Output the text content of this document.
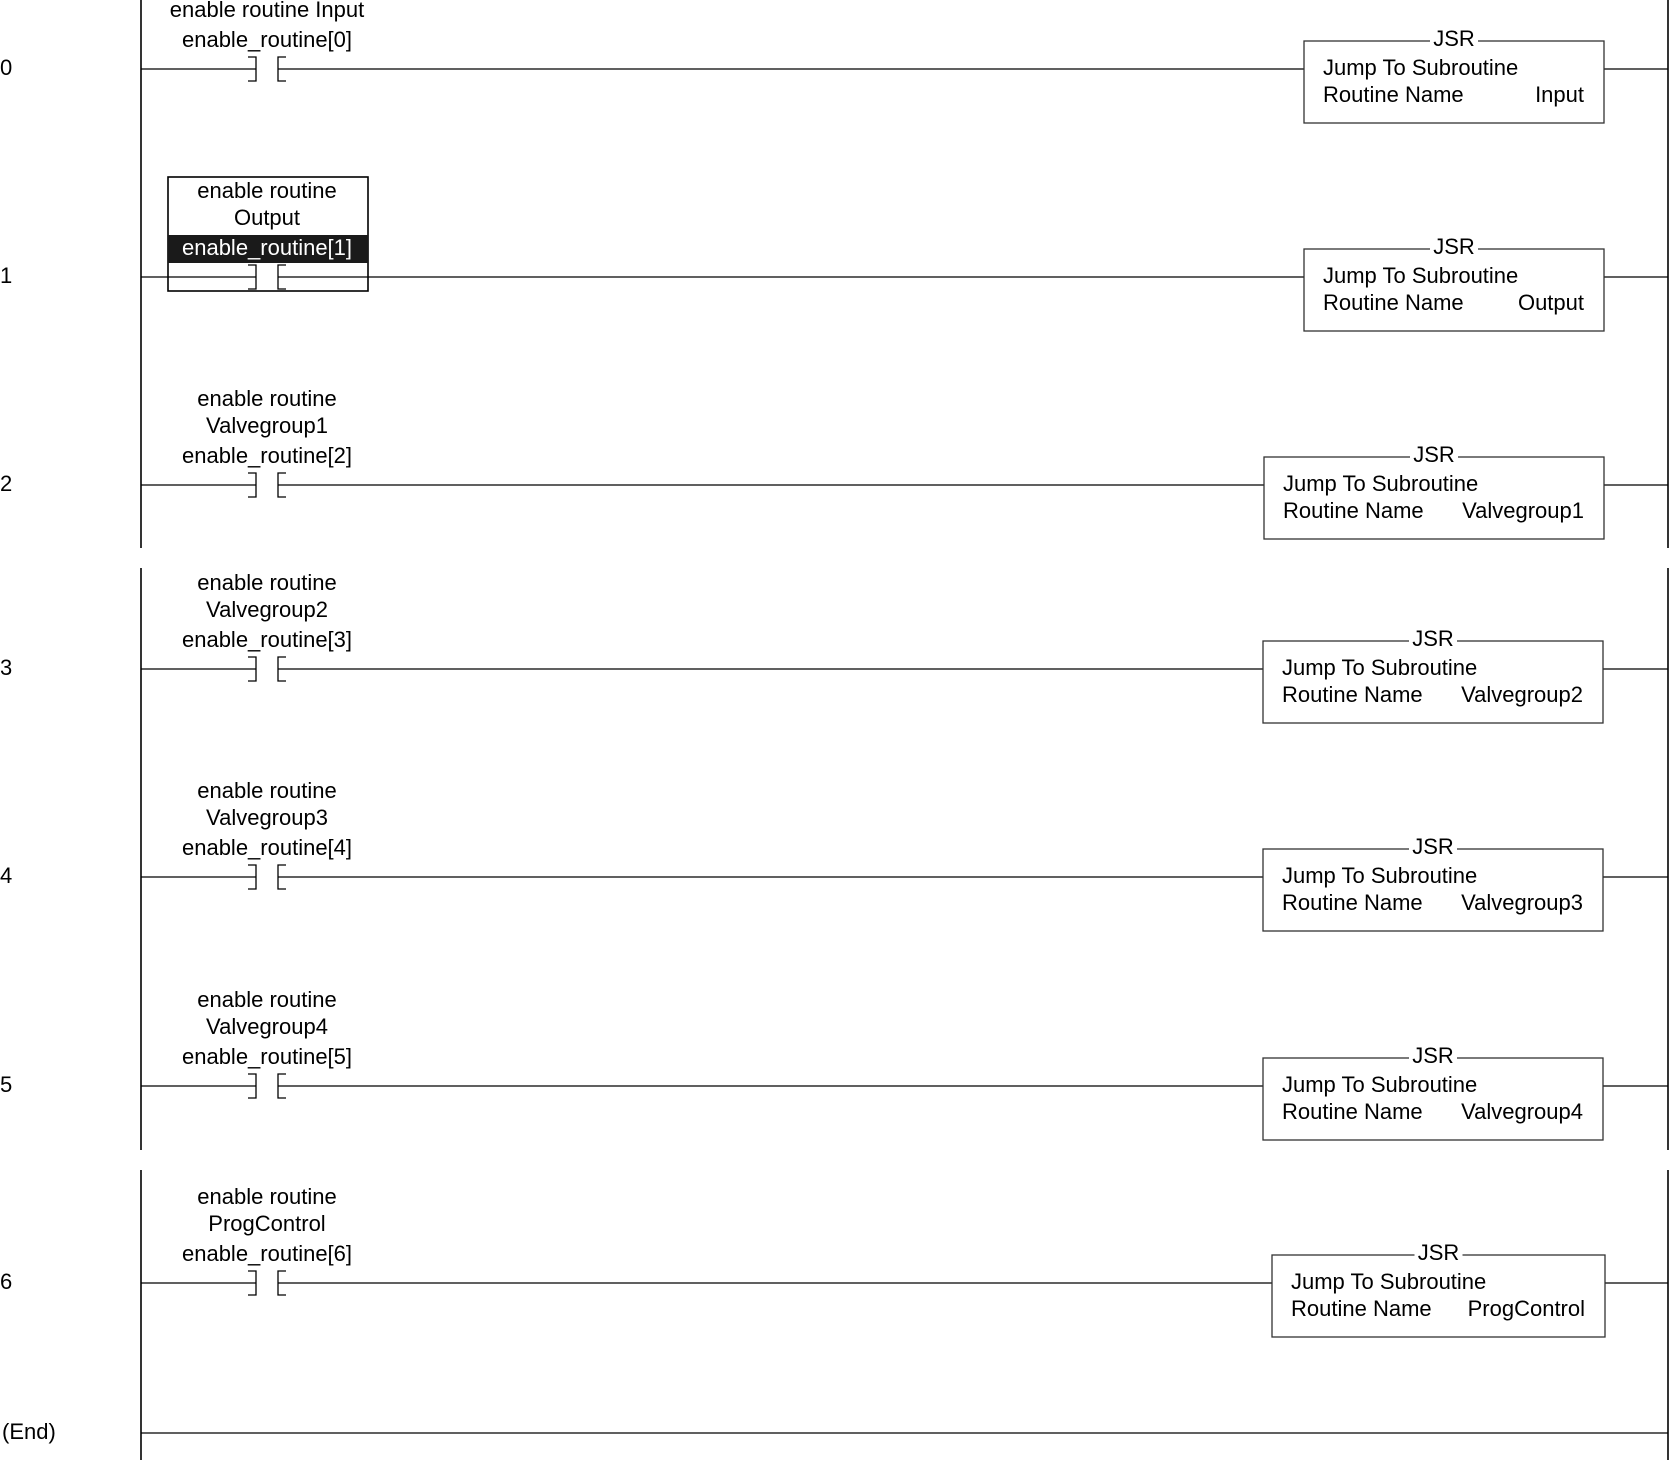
0
enable routine Input
enable_routine[0]	JSR
Jump To Subroutine
Routine Name	Input
1
enable routine
Output
enable_routine[1]	JSR
Jump To Subroutine
Routine Name Output
2
enable routine
Valvegroup1
enable_routine[2]	JSR
Jump To Subroutine
Routine Name Valvegroup1
3
enable routine
Valvegroup2
enable_routine[3]	JSR
Jump To Subroutine
Routine Name Valvegroup2
4
enable routine
Valvegroup3
enable_routine[4]	JSR
Jump To Subroutine
Routine Name Valvegroup3
5
enable routine
Valvegroup4
enable_routine[5]	JSR
Jump To Subroutine
Routine Name Valvegroup4
6
enable routine
ProgControl
enable_routine[6]	JSR
Jump To Subroutine
Routine Name ProgControl
(End)
